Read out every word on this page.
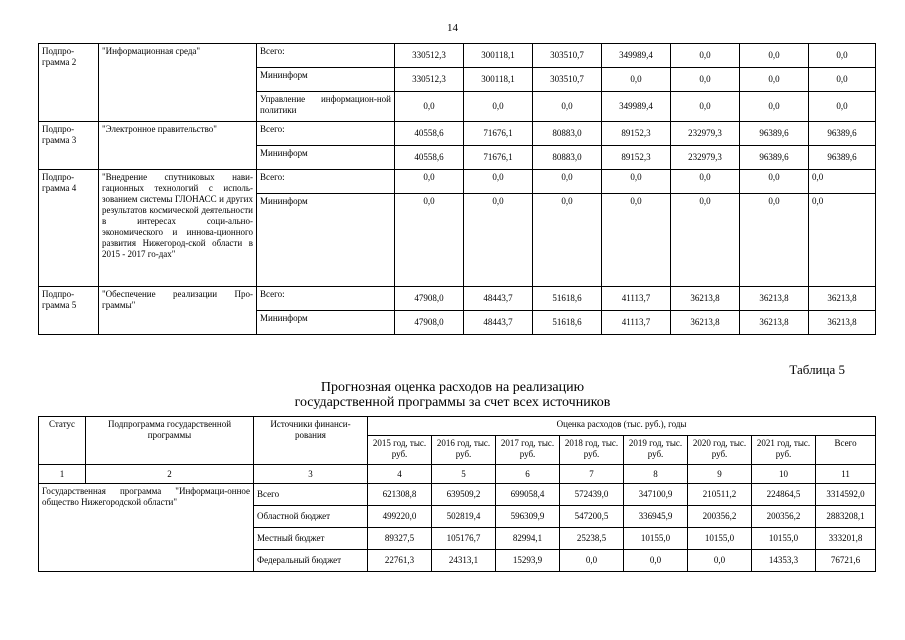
14
Подпро-грамма 2	"Информационная среда"	Всего:	330512,3	300118,1	303510,7	349989,4	0,0	0,0	0,0
		Мининформ	330512,3	300118,1	303510,7	0,0	0,0	0,0	0,0
		Управление информацион-ной политики	0,0	0,0	0,0	349989,4	0,0	0,0	0,0
Подпро-грамма 3	"Электронное правительство"	Всего:	40558,6	71676,1	80883,0	89152,3	232979,3	96389,6	96389,6
		Мининформ	40558,6	71676,1	80883,0	89152,3	232979,3	96389,6	96389,6
Подпро-грамма 4	"Внедрение спутниковых нави-гационных технологий с исполь-зованием системы ГЛОНАСС и других результатов космической деятельности в интересах соци-ально-экономического и иннова-ционного развития Нижегород-ской области в 2015 - 2017 го-дах"	Всего:	0,0	0,0	0,0	0,0	0,0	0,0	0,0
		Мининформ	0,0	0,0	0,0	0,0	0,0	0,0	0,0
Подпро-грамма 5	"Обеспечение реализации Про-граммы"	Всего:	47908,0	48443,7	51618,6	41113,7	36213,8	36213,8	36213,8
		Мининформ	47908,0	48443,7	51618,6	41113,7	36213,8	36213,8	36213,8
Таблица 5
Прогнозная оценка расходов на реализацию
государственной программы за счет всех источников
Статус	Подпрограмма государственной программы	Источники финанси-рования	Оценка расходов (тыс. руб.), годы							
			2015 год, тыс. руб.	2016 год, тыс. руб.	2017 год, тыс. руб.	2018 год, тыс. руб.	2019 год, тыс. руб.	2020 год, тыс. руб.	2021 год, тыс. руб.	Всего
1	2	3	4	5	6	7	8	9	10	11
Государственная программа "Информаци-онное общество Нижегородской области"		Всего	621308,8	639509,2	699058,4	572439,0	347100,9	210511,2	224864,5	3314592,0
		Областной бюджет	499220,0	502819,4	596309,9	547200,5	336945,9	200356,2	200356,2	2883208,1
		Местный бюджет	89327,5	105176,7	82994,1	25238,5	10155,0	10155,0	10155,0	333201,8
		Федеральный бюджет	22761,3	24313,1	15293,9	0,0	0,0	0,0	14353,3	76721,6
